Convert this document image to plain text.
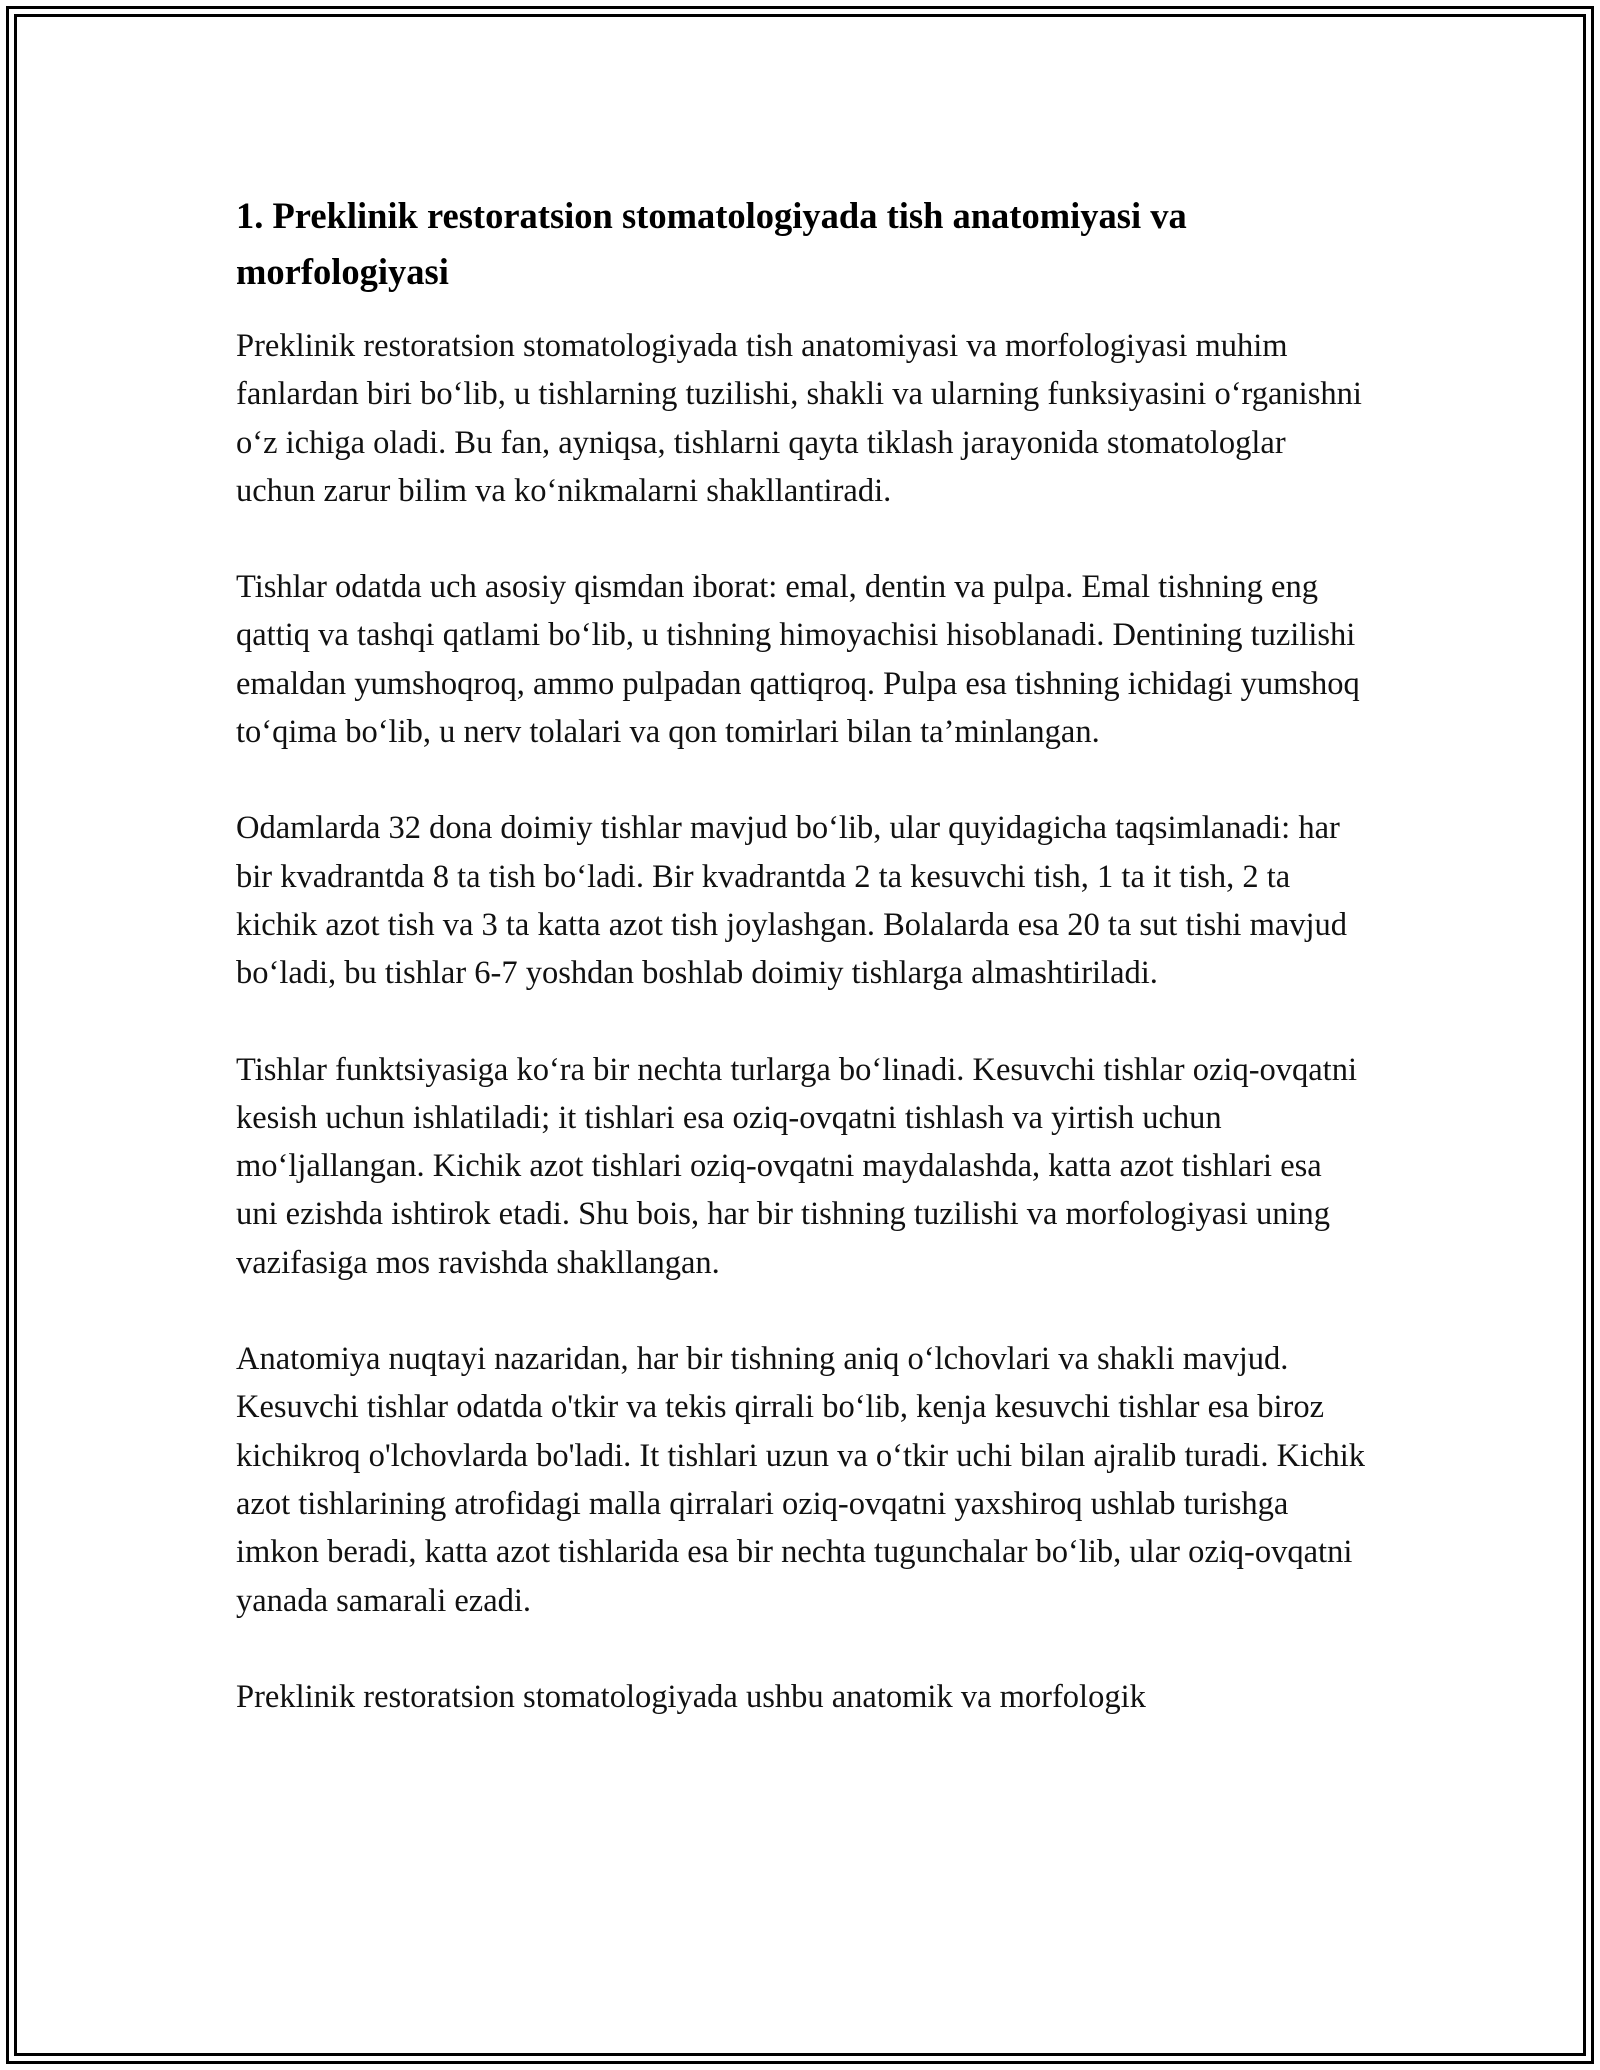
1. Preklinik restoratsion stomatologiyada tish anatomiyasi va morfologiyasi

Preklinik restoratsion stomatologiyada tish anatomiyasi va morfologiyasi muhim fanlardan biri bo‘lib, u tishlarning tuzilishi, shakli va ularning funksiyasini o‘rganishni o‘z ichiga oladi. Bu fan, ayniqsa, tishlarni qayta tiklash jarayonida stomatologlar uchun zarur bilim va ko‘nikmalarni shakllantiradi.

Tishlar odatda uch asosiy qismdan iborat: emal, dentin va pulpa. Emal tishning eng qattiq va tashqi qatlami bo‘lib, u tishning himoyachisi hisoblanadi. Dentining tuzilishi emaldan yumshoqroq, ammo pulpadan qattiqroq. Pulpa esa tishning ichidagi yumshoq to‘qima bo‘lib, u nerv tolalari va qon tomirlari bilan ta’minlangan.

Odamlarda 32 dona doimiy tishlar mavjud bo‘lib, ular quyidagicha taqsimlanadi: har bir kvadrantda 8 ta tish bo‘ladi. Bir kvadrantda 2 ta kesuvchi tish, 1 ta it tish, 2 ta kichik azot tish va 3 ta katta azot tish joylashgan. Bolalarda esa 20 ta sut tishi mavjud bo‘ladi, bu tishlar 6-7 yoshdan boshlab doimiy tishlarga almashtiriladi.

Tishlar funktsiyasiga ko‘ra bir nechta turlarga bo‘linadi. Kesuvchi tishlar oziq-ovqatni kesish uchun ishlatiladi; it tishlari esa oziq-ovqatni tishlash va yirtish uchun mo‘ljallangan. Kichik azot tishlari oziq-ovqatni maydalashda, katta azot tishlari esa uni ezishda ishtirok etadi. Shu bois, har bir tishning tuzilishi va morfologiyasi uning vazifasiga mos ravishda shakllangan.

Anatomiya nuqtayi nazaridan, har bir tishning aniq o‘lchovlari va shakli mavjud. Kesuvchi tishlar odatda o'tkir va tekis qirrali bo‘lib, kenja kesuvchi tishlar esa biroz kichikroq o'lchovlarda bo'ladi. It tishlari uzun va o‘tkir uchi bilan ajralib turadi. Kichik azot tishlarining atrofidagi malla qirralari oziq-ovqatni yaxshiroq ushlab turishga imkon beradi, katta azot tishlarida esa bir nechta tugunchalar bo‘lib, ular oziq-ovqatni yanada samarali ezadi.

Preklinik restoratsion stomatologiyada ushbu anatomik va morfologik
